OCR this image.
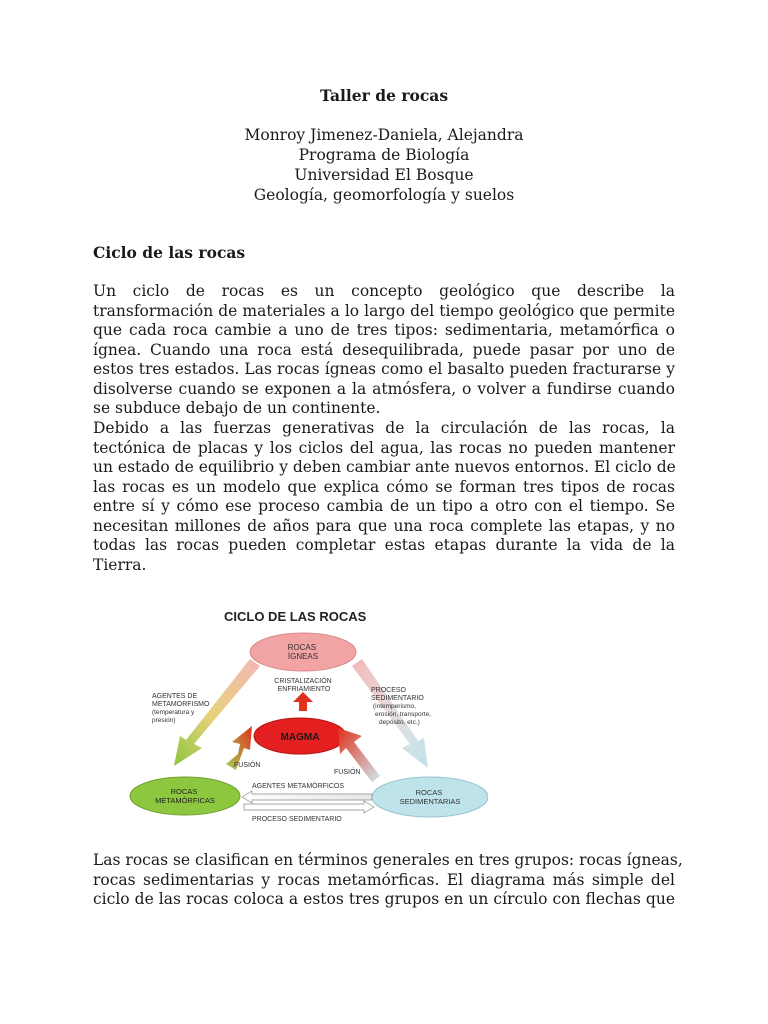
Taller de rocas
Monroy Jimenez-Daniela, Alejandra
Programa de Biología
Universidad El Bosque
Geología, geomorfología y suelos
Ciclo de las rocas
Un ciclo de rocas es un concepto geológico que describe la
transformación de materiales a lo largo del tiempo geológico que permite
que cada roca cambie a uno de tres tipos: sedimentaria, metamórfica o
ígnea. Cuando una roca está desequilibrada, puede pasar por uno de
estos tres estados. Las rocas ígneas como el basalto pueden fracturarse y
disolverse cuando se exponen a la atmósfera, o volver a fundirse cuando
se subduce debajo de un continente.
Debido a las fuerzas generativas de la circulación de las rocas, la
tectónica de placas y los ciclos del agua, las rocas no pueden mantener
un estado de equilibrio y deben cambiar ante nuevos entornos. El ciclo de
las rocas es un modelo que explica cómo se forman tres tipos de rocas
entre sí y cómo ese proceso cambia de un tipo a otro con el tiempo. Se
necesitan millones de años para que una roca complete las etapas, y no
todas las rocas pueden completar estas etapas durante la vida de la
Tierra.
CICLO DE LAS ROCAS
ROCAS ÍGNEAS
CRISTALIZACIÓN ENFRIAMIENTO
MAGMA
FUSIÓN
FUSIÓN
AGENTES DE METAMORFISMO (temperatura y presión)
PROCESO SEDIMENTARIO (intemperismo, erosión, transporte, depósito, etc.)
ROCAS METAMÓRFICAS
ROCAS SEDIMENTARIAS
AGENTES METAMÓRFICOS
PROCESO SEDIMENTARIO
Las rocas se clasifican en términos generales en tres grupos: rocas ígneas,
rocas sedimentarias y rocas metamórficas. El diagrama más simple del
ciclo de las rocas coloca a estos tres grupos en un círculo con flechas que
